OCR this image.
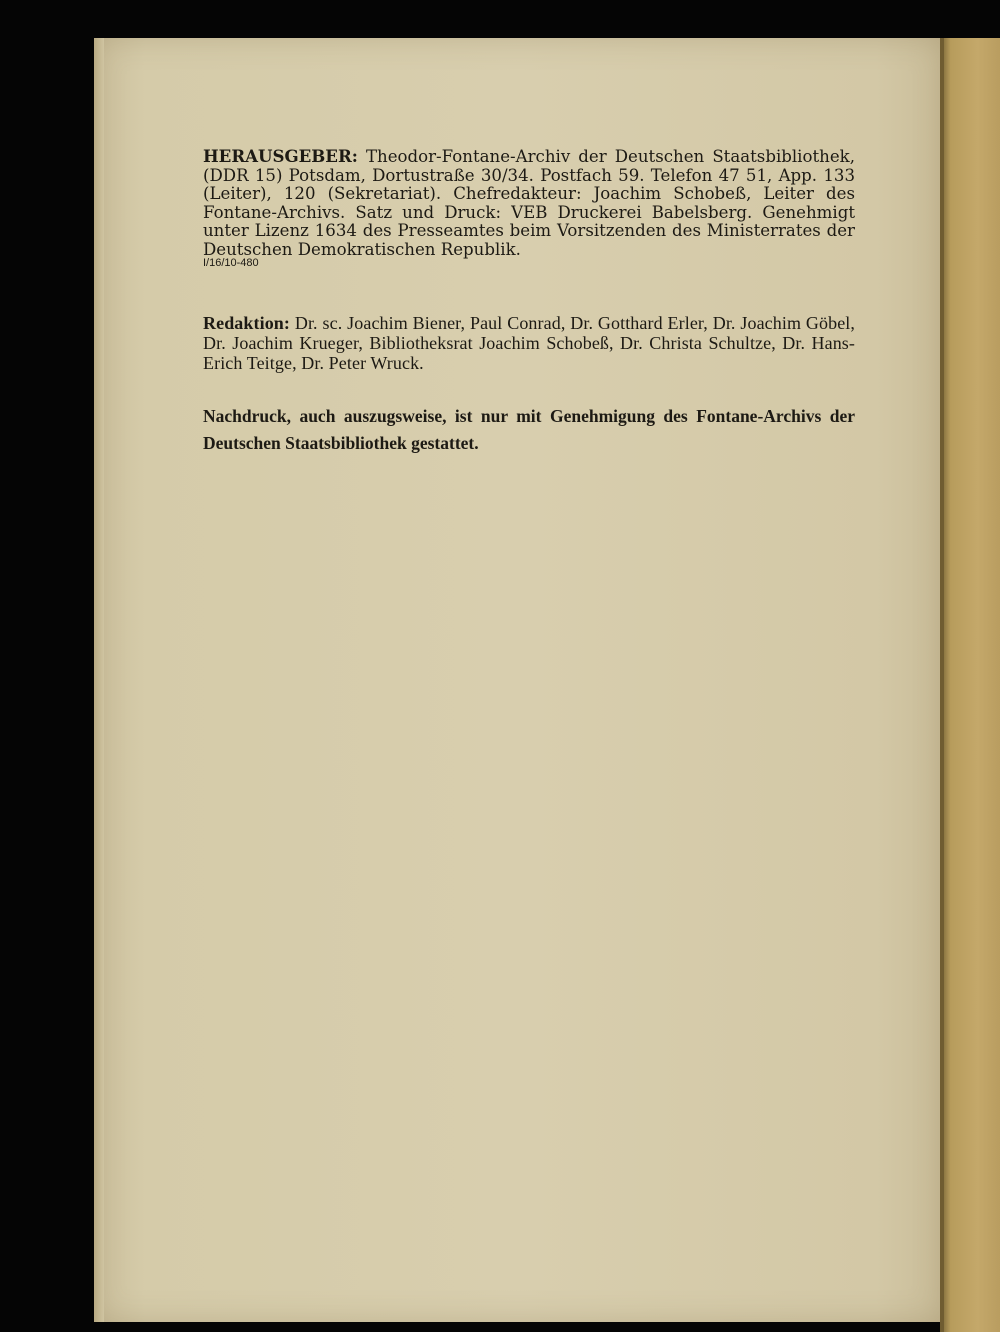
HERAUSGEBER: Theodor-Fontane-Archiv der Deutschen Staatsbibliothek, (DDR 15) Potsdam, Dortustraße 30/34. Postfach 59. Telefon 47 51, App. 133 (Leiter), 120 (Sekretariat). Chefredakteur: Joachim Schobeß, Leiter des Fontane-Archivs. Satz und Druck: VEB Druckerei Babelsberg. Genehmigt unter Lizenz 1634 des Presseamtes beim Vorsitzenden des Ministerrates der Deutschen Demokratischen Republik.

I/16/10-480

Redaktion: Dr. sc. Joachim Biener, Paul Conrad, Dr. Gotthard Erler, Dr. Joachim Göbel, Dr. Joachim Krueger, Bibliotheksrat Joachim Schobeß, Dr. Christa Schultze, Dr. Hans-Erich Teitge, Dr. Peter Wruck.

Nachdruck, auch auszugsweise, ist nur mit Genehmigung des Fontane-Archivs der Deutschen Staatsbibliothek gestattet.
